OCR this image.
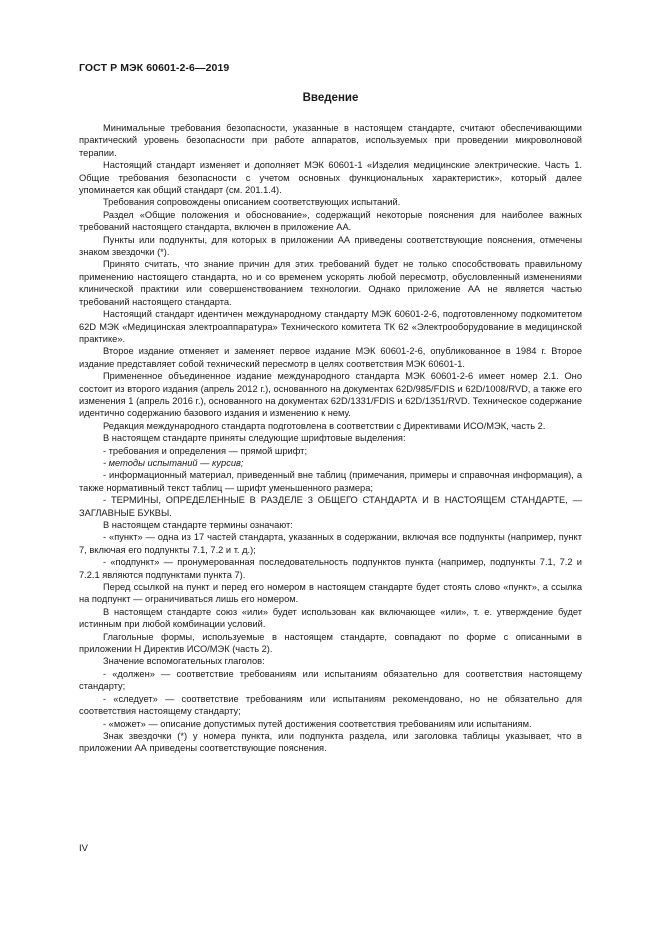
ГОСТ Р МЭК 60601-2-6—2019
Введение

Минимальные требования безопасности, указанные в настоящем стандарте, считают обеспечивающими практический уровень безопасности при работе аппаратов, используемых при проведении микроволновой терапии.

Настоящий стандарт изменяет и дополняет МЭК 60601-1 «Изделия медицинские электрические. Часть 1. Общие требования безопасности с учетом основных функциональных характеристик», который далее упоминается как общий стандарт (см. 201.1.4).

Требования сопровождены описанием соответствующих испытаний.

Раздел «Общие положения и обоснование», содержащий некоторые пояснения для наиболее важных требований настоящего стандарта, включен в приложение АА.

Пункты или подпункты, для которых в приложении АА приведены соответствующие пояснения, отмечены знаком звездочки (*).

Принято считать, что знание причин для этих требований будет не только способствовать правильному применению настоящего стандарта, но и со временем ускорять любой пересмотр, обусловленный изменениями клинической практики или совершенствованием технологии. Однако приложение АА не является частью требований настоящего стандарта.

Настоящий стандарт идентичен международному стандарту МЭК 60601-2-6, подготовленному подкомитетом 62D МЭК «Медицинская электроаппаратура» Технического комитета ТК 62 «Электрооборудование в медицинской практике».

Второе издание отменяет и заменяет первое издание МЭК 60601-2-6, опубликованное в 1984 г. Второе издание представляет собой технический пересмотр в целях соответствия МЭК 60601-1.

Примененное объединенное издание международного стандарта МЭК 60601-2-6 имеет номер 2.1. Оно состоит из второго издания (апрель 2012 г.), основанного на документах 62D/985/FDIS и 62D/1008/RVD, а также его изменения 1 (апрель 2016 г.), основанного на документах 62D/1331/FDIS и 62D/1351/RVD. Техническое содержание идентично содержанию базового издания и изменению к нему.

Редакция международного стандарта подготовлена в соответствии с Директивами ИСО/МЭК, часть 2.

В настоящем стандарте приняты следующие шрифтовые выделения:

- требования и определения — прямой шрифт;

- методы испытаний — курсив;

- информационный материал, приведенный вне таблиц (примечания, примеры и справочная информация), а также нормативный текст таблиц — шрифт уменьшенного размера;

- ТЕРМИНЫ, ОПРЕДЕЛЕННЫЕ В РАЗДЕЛЕ 3 ОБЩЕГО СТАНДАРТА И В НАСТОЯЩЕМ СТАНДАРТЕ, — ЗАГЛАВНЫЕ БУКВЫ.

В настоящем стандарте термины означают:

- «пункт» — одна из 17 частей стандарта, указанных в содержании, включая все подпункты (например, пункт 7, включая его подпункты 7.1, 7.2 и т. д.);

- «подпункт» — пронумерованная последовательность подпунктов пункта (например, подпункты 7.1, 7.2 и 7.2.1 являются подпунктами пункта 7).

Перед ссылкой на пункт и перед его номером в настоящем стандарте будет стоять слово «пункт», а ссылка на подпункт — ограничиваться лишь его номером.

В настоящем стандарте союз «или» будет использован как включающее «или», т. е. утверждение будет истинным при любой комбинации условий.

Глагольные формы, используемые в настоящем стандарте, совпадают по форме с описанными в приложении H Директив ИСО/МЭК (часть 2).

Значение вспомогательных глаголов:

- «должен» — соответствие требованиям или испытаниям обязательно для соответствия настоящему стандарту;

- «следует» — соответствие требованиям или испытаниям рекомендовано, но не обязательно для соответствия настоящему стандарту;

- «может» — описание допустимых путей достижения соответствия требованиям или испытаниям.

Знак звездочки (*) у номера пункта, или подпункта раздела, или заголовка таблицы указывает, что в приложении АА приведены соответствующие пояснения.

IV
